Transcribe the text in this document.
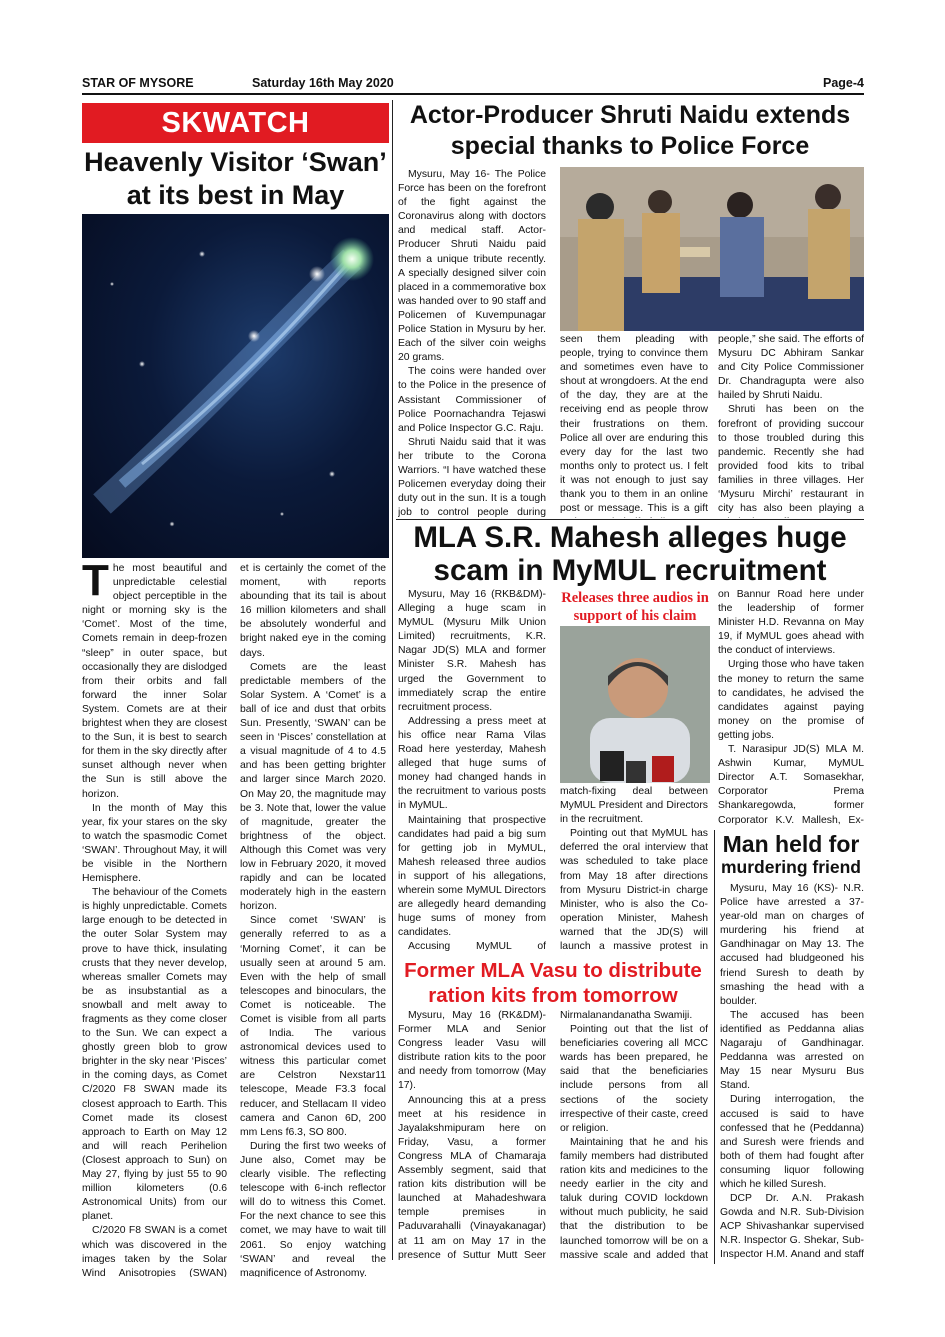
STAR OF MYSORE	Saturday 16th May 2020	Page-4
SKWATCH
Heavenly Visitor ‘Swan’
at its best in May

The most beautiful and unpredictable celestial object perceptible in the night or morning sky is the ‘Comet’. Most of the time, Comets remain in deep-frozen “sleep” in outer space, but occasionally they are dislodged from their orbits and fall forward the inner Solar System. Comets are at their brightest when they are closest to the Sun, it is best to search for them in the sky directly after sunset although never when the Sun is still above the horizon.

In the month of May this year, fix your stares on the sky to watch the spasmodic Comet ‘SWAN’. Throughout May, it will be visible in the Northern Hemisphere.

The behaviour of the Comets is highly unpredictable. Comets large enough to be detected in the outer Solar System may prove to have thick, insulating crusts that they never develop, whereas smaller Comets may be as insubstantial as a snowball and melt away to fragments as they come closer to the Sun. We can expect a ghostly green blob to grow brighter in the sky near ‘Pisces’ in the coming days, as Comet C/2020 F8 SWAN made its closest approach to Earth. This Comet made its closest approach to Earth on May 12 and will reach Perihelion (Closest approach to Sun) on May 27, flying by just 55 to 90 million kilometers (0.6 Astronomical Units) from our planet.

C/2020 F8 SWAN is a comet which was discovered in the images taken by the Solar Wind Anisotropies (SWAN)

et is certainly the comet of the moment, with reports abounding that its tail is about 16 million kilometers and shall be absolutely wonderful and bright naked eye in the coming days.

Comets are the least predictable members of the Solar System. A ‘Comet’ is a ball of ice and dust that orbits Sun. Presently, ‘SWAN’ can be seen in ‘Pisces’ constellation at a visual magnitude of 4 to 4.5 and has been getting brighter and larger since March 2020. On May 20, the magnitude may be 3. Note that, lower the value of magnitude, greater the brightness of the object. Although this Comet was very low in February 2020, it moved rapidly and can be located moderately high in the eastern horizon.

Since comet ‘SWAN’ is generally referred to as a ‘Morning Comet’, it can be usually seen at around 5 am. Even with the help of small telescopes and binoculars, the Comet is noticeable. The Comet is visible from all parts of India. The various astronomical devices used to witness this particular comet are Celstron Nexstar11 telescope, Meade F3.3 focal reducer, and Stellacam II video camera and Canon 6D, 200 mm Lens f6.3, SO 800.

During the first two weeks of June also, Comet may be clearly visible. The reflecting telescope with 6-inch reflector will do to witness this Comet. For the next chance to see this comet, we may have to wait till 2061. So enjoy watching ‘SWAN’ and reveal the magnificence of Astronomy.

Actor-Producer Shruti Naidu extends
special thanks to Police Force

Mysuru, May 16- The Police Force has been on the forefront of the fight against the Coronavirus along with doctors and medical staff. Actor-Producer Shruti Naidu paid them a unique tribute recently. A specially designed silver coin placed in a commemorative box was handed over to 90 staff and Policemen of Kuvempunagar Police Station in Mysuru by her. Each of the silver coin weighs 20 grams.

The coins were handed over to the Police in the presence of Assistant Commissioner of Police Poornachandra Tejaswi and Police Inspector G.C. Raju.

Shruti Naidu said that it was her tribute to the Corona Warriors. “I have watched these Policemen everyday doing their duty out in the sun. It is a tough job to control people during

seen them pleading with people, trying to convince them and sometimes even have to shout at wrongdoers. At the end of the day, they are at the receiving end as people throw their frustrations on them. Police all over are enduring this every day for the last two months only to protect us. I felt it was not enough to just say thank you to them in an online post or message. This is a gift

people,” she said. The efforts of Mysuru DC Abhiram Sankar and City Police Commissioner Dr. Chandragupta were also hailed by Shruti Naidu.

Shruti has been on the forefront of providing succour to those troubled during this pandemic. Recently she had provided food kits to tribal families in three villages. Her ‘Mysuru Mirchi’ restaurant in city has also been playing a

MLA S.R. Mahesh alleges huge
scam in MyMUL recruitment

Mysuru, May 16 (RKB&DM)- Alleging a huge scam in MyMUL (Mysuru Milk Union Limited) recruitments, K.R. Nagar JD(S) MLA and former Minister S.R. Mahesh has urged the Government to immediately scrap the entire recruitment process.

Addressing a press meet at his office near Rama Vilas Road here yesterday, Mahesh alleged that huge sums of money had changed hands in the recruitment to various posts in MyMUL.

Maintaining that prospective candidates had paid a big sum for getting job in MyMUL, Mahesh released three audios in support of his allegations, wherein some MyMUL Directors are allegedly heard demanding huge sums of money from candidates.

Accusing MyMUL of

Releases three audios in
support of his claim

match-fixing deal between MyMUL President and Directors in the recruitment.

Pointing out that MyMUL has deferred the oral interview that was scheduled to take place from May 18 after directions from Mysuru District-in charge Minister, who is also the Co-operation Minister, Mahesh warned that the JD(S) will launch a massive protest in

on Bannur Road here under the leadership of former Minister H.D. Revanna on May 19, if MyMUL goes ahead with the conduct of interviews.

Urging those who have taken the money to return the same to candidates, he advised the candidates against paying money on the promise of getting jobs.

T. Narasipur JD(S) MLA M. Ashwin Kumar, MyMUL Director A.T. Somasekhar, Corporator Prema Shankaregowda, former Corporator K.V. Mallesh, Ex-

Former MLA Vasu to distribute
ration kits from tomorrow

Mysuru, May 16 (RK&DM)- Former MLA and Senior Congress leader Vasu will distribute ration kits to the poor and needy from tomorrow (May 17).

Announcing this at a press meet at his residence in Jayalakshmipuram here on Friday, Vasu, a former Congress MLA of Chamaraja Assembly segment, said that ration kits distribution will be launched at Mahadeshwara temple premises in Paduvarahalli (Vinayakanagar) at 11 am on May 17 in the presence of Suttur Mutt Seer

Nirmalanandanatha Swamiji.

Pointing out that the list of beneficiaries covering all MCC wards has been prepared, he said that the beneficiaries include persons from all sections of the society irrespective of their caste, creed or religion.

Maintaining that he and his family members had distributed ration kits and medicines to the needy earlier in the city and taluk during COVID lockdown without much publicity, he said that the distribution to be launched tomorrow will be on a massive scale and added that

Man held for
murdering friend

Mysuru, May 16 (KS)- N.R. Police have arrested a 37-year-old man on charges of murdering his friend at Gandhinagar on May 13. The accused had bludgeoned his friend Suresh to death by smashing the head with a boulder.

The accused has been identified as Peddanna alias Nagaraju of Gandhinagar. Peddanna was arrested on May 15 near Mysuru Bus Stand.

During interrogation, the accused is said to have confessed that he (Peddanna) and Suresh were friends and both of them had fought after consuming liquor following which he killed Suresh.

DCP Dr. A.N. Prakash Gowda and N.R. Sub-Division ACP Shivashankar supervised N.R. Inspector G. Shekar, Sub-Inspector H.M. Anand and staff
